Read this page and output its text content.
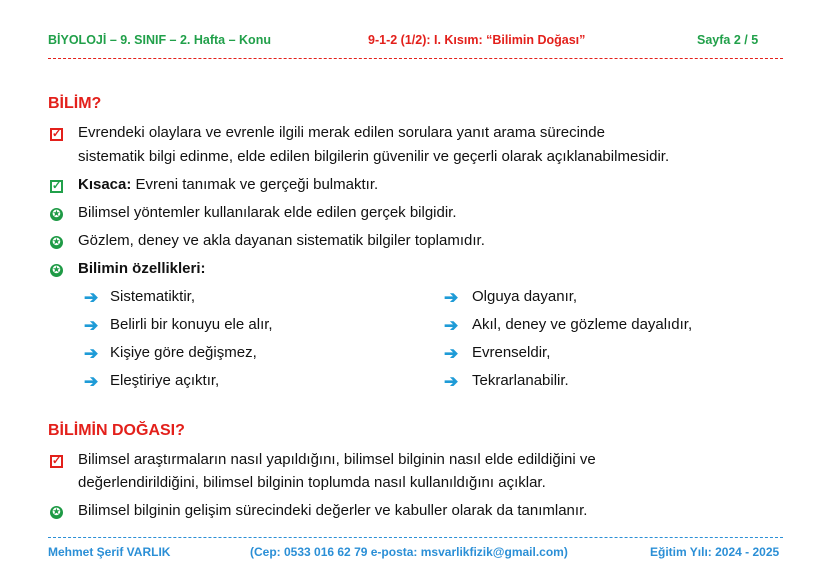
BİYOLOJİ – 9. SINIF – 2. Hafta – Konu	9-1-2 (1/2): I. Kısım: “Bilimin Doğası”	Sayfa 2 / 5
BİLİM?
✓ Evrendeki olaylara ve evrenle ilgili merak edilen sorulara yanıt arama sürecinde
sistematik bilgi edinme, elde edilen bilgilerin güvenilir ve geçerli olarak açıklanabilmesidir.
✓ Kısaca: Evreni tanımak ve gerçeği bulmaktır.
✪ Bilimsel yöntemler kullanılarak elde edilen gerçek bilgidir.
✪ Gözlem, deney ve akla dayanan sistematik bilgiler toplamıdır.
✪ Bilimin özellikleri:
➔ Sistematiktir,
➔ Belirli bir konuyu ele alır,
➔ Kişiye göre değişmez,
➔ Eleştiriye açıktır,
➔ Olguya dayanır,
➔ Akıl, deney ve gözleme dayalıdır,
➔ Evrenseldir,
➔ Tekrarlanabilir.
BİLİMİN DOĞASI?
✓ Bilimsel araştırmaların nasıl yapıldığını, bilimsel bilginin nasıl elde edildiğini ve
değerlendirildiğini, bilimsel bilginin toplumda nasıl kullanıldığını açıklar.
✪ Bilimsel bilginin gelişim sürecindeki değerler ve kabuller olarak da tanımlanır.
Mehmet Şerif VARLIK	(Cep: 0533 016 62 79 e-posta: msvarlikfizik@gmail.com)	Eğitim Yılı: 2024 - 2025
